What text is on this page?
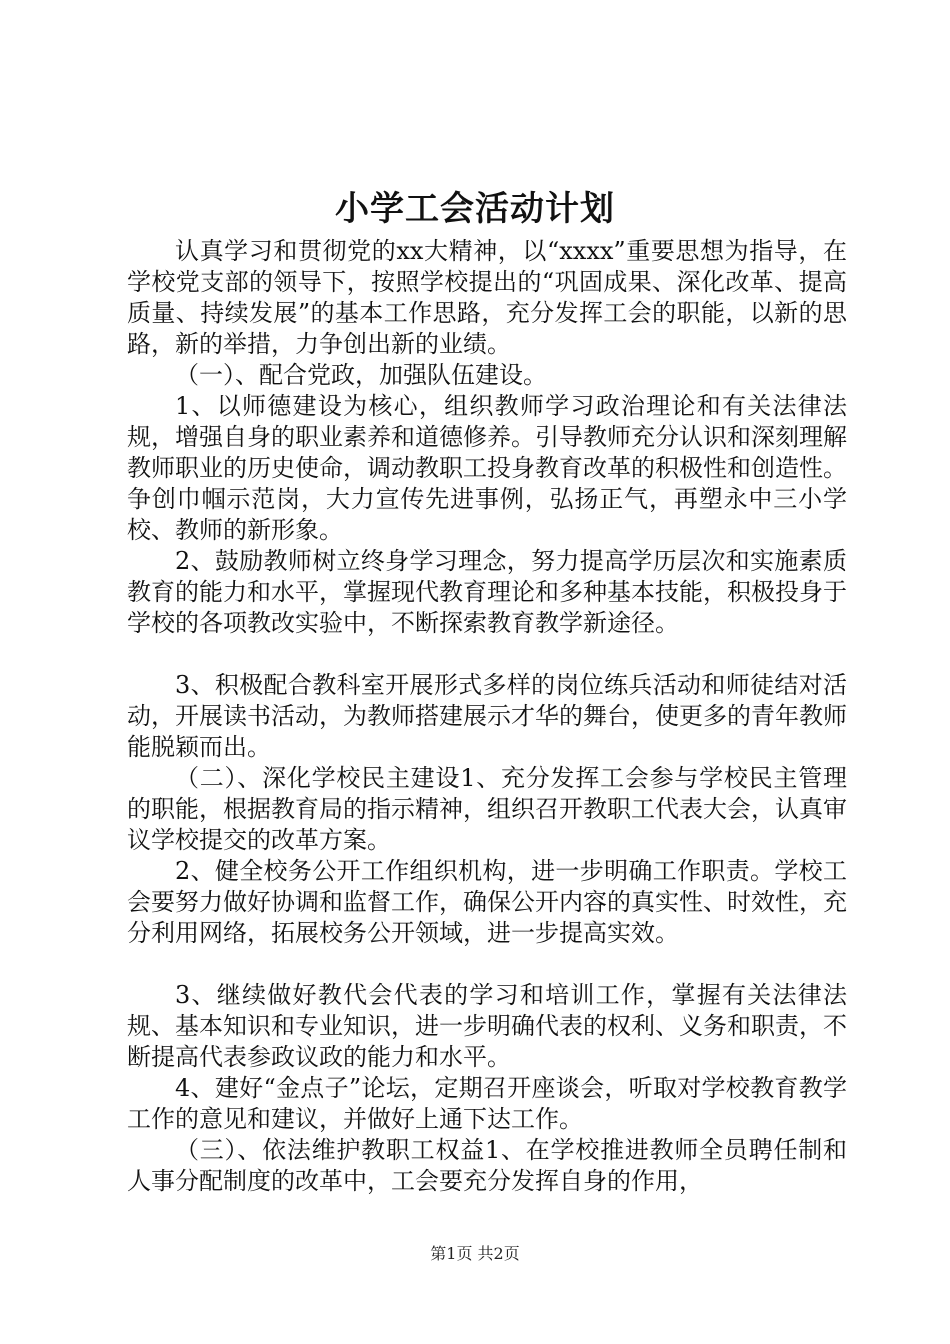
小学工会活动计划

认真学习和贯彻党的xx大精神，以“xxxx”重要思想为指导，在学校党支部的领导下，按照学校提出的“巩固成果、深化改革、提高质量、持续发展”的基本工作思路，充分发挥工会的职能，以新的思路，新的举措，力争创出新的业绩。

（一）、配合党政，加强队伍建设。

1、以师德建设为核心，组织教师学习政治理论和有关法律法规，增强自身的职业素养和道德修养。引导教师充分认识和深刻理解教师职业的历史使命，调动教职工投身教育改革的积极性和创造性。争创巾帼示范岗，大力宣传先进事例，弘扬正气，再塑永中三小学校、教师的新形象。

2、鼓励教师树立终身学习理念，努力提高学历层次和实施素质教育的能力和水平，掌握现代教育理论和多种基本技能，积极投身于学校的各项教改实验中，不断探索教育教学新途径。

3、积极配合教科室开展形式多样的岗位练兵活动和师徒结对活动，开展读书活动，为教师搭建展示才华的舞台，使更多的青年教师能脱颖而出。

（二）、深化学校民主建设1、充分发挥工会参与学校民主管理的职能，根据教育局的指示精神，组织召开教职工代表大会，认真审议学校提交的改革方案。

2、健全校务公开工作组织机构，进一步明确工作职责。学校工会要努力做好协调和监督工作，确保公开内容的真实性、时效性，充分利用网络，拓展校务公开领域，进一步提高实效。

3、继续做好教代会代表的学习和培训工作，掌握有关法律法规、基本知识和专业知识，进一步明确代表的权利、义务和职责，不断提高代表参政议政的能力和水平。

4、建好“金点子”论坛，定期召开座谈会，听取对学校教育教学工作的意见和建议，并做好上通下达工作。

（三）、依法维护教职工权益1、在学校推进教师全员聘任制和人事分配制度的改革中，工会要充分发挥自身的作用，

第1页 共2页
